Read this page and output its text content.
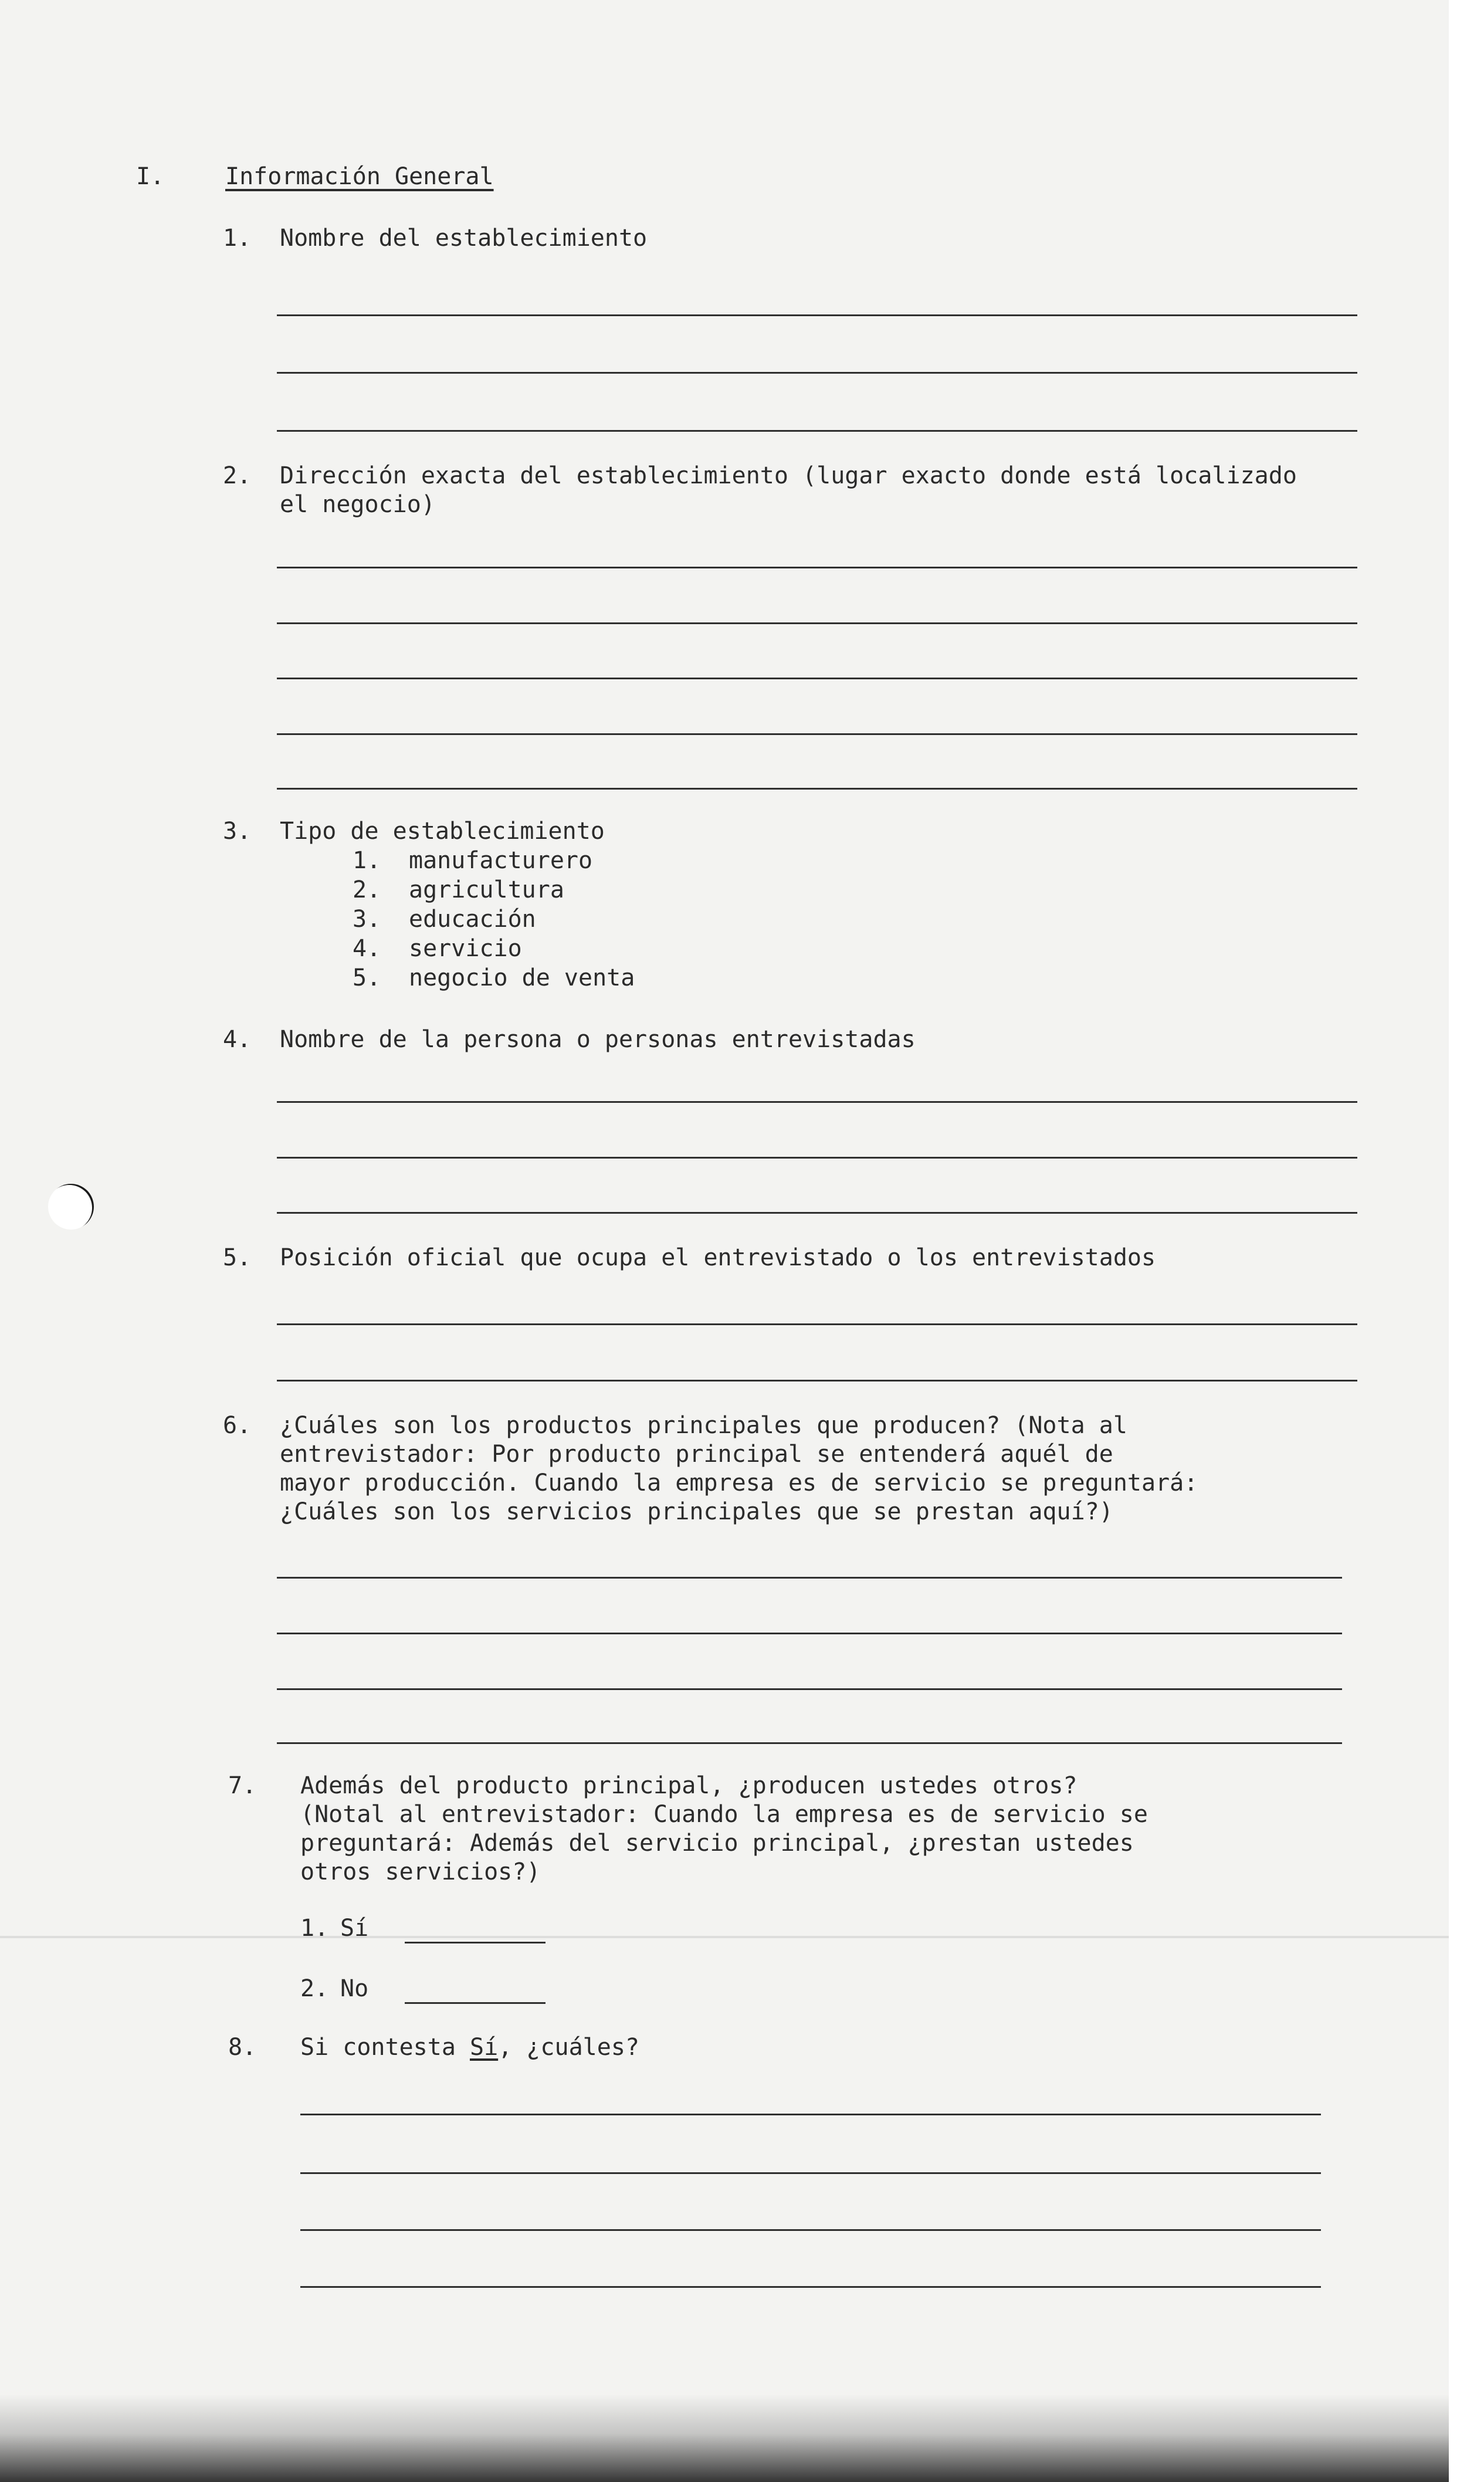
I.	Información General
1. Nombre del establecimiento
2. Dirección exacta del establecimiento (lugar exacto donde está localizado
el negocio)
3. Tipo de establecimiento
1. manufacturero
2. agricultura
3. educación
4. servicio
5. negocio de venta
4. Nombre de la persona o personas entrevistadas
5. Posición oficial que ocupa el entrevistado o los entrevistados
6. ¿Cuáles son los productos principales que producen? (Nota al
entrevistador: Por producto principal se entenderá aquél de
mayor producción. Cuando la empresa es de servicio se preguntará:
¿Cuáles son los servicios principales que se prestan aquí?)
7. Además del producto principal, ¿producen ustedes otros?
(Notal al entrevistador: Cuando la empresa es de servicio se
preguntará: Además del servicio principal, ¿prestan ustedes
otros servicios?)
1. Sí
2. No
8. Si contesta Sí, ¿cuáles?
